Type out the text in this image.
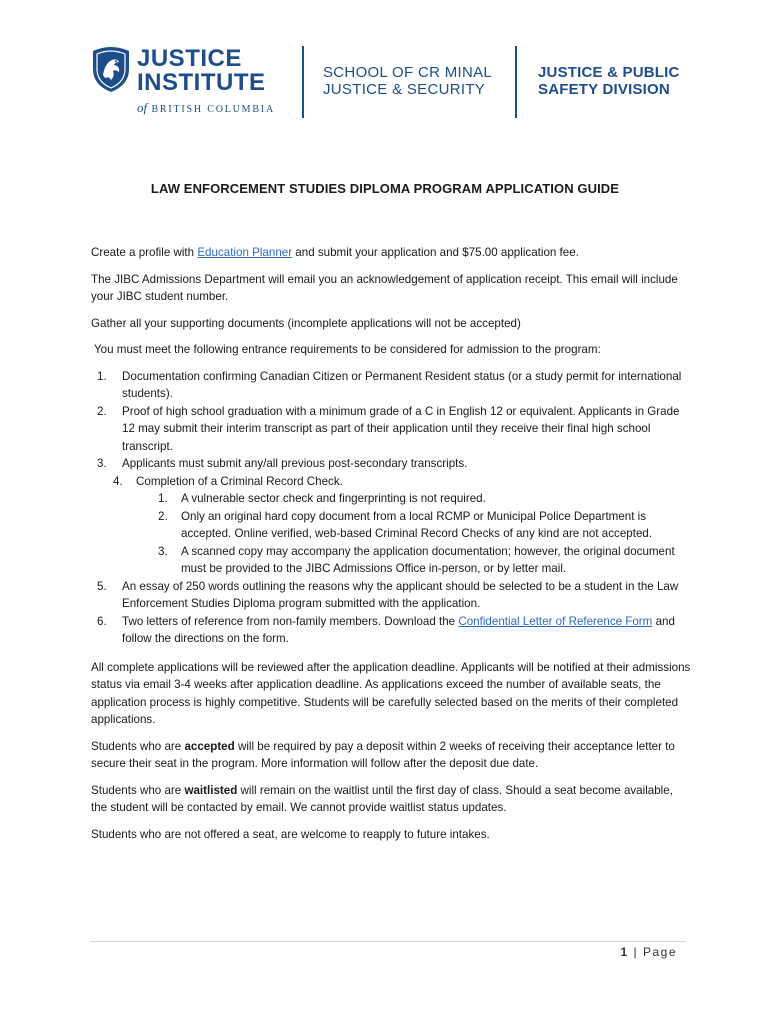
JUSTICE
INSTITUTE
of BRITISH COLUMBIA
SCHOOL OF CR MINAL
JUSTICE & SECURITY
JUSTICE & PUBLIC
SAFETY DIVISION
LAW ENFORCEMENT STUDIES DIPLOMA PROGRAM APPLICATION GUIDE

Create a profile with Education Planner and submit your application and $75.00 application fee.

The JIBC Admissions Department will email you an acknowledgement of application receipt. This email will include your JIBC student number.

Gather all your supporting documents (incomplete applications will not be accepted)

You must meet the following entrance requirements to be considered for admission to the program:

1.	Documentation confirming Canadian Citizen or Permanent Resident status (or a study permit for international students).
2.	Proof of high school graduation with a minimum grade of a C in English 12 or equivalent. Applicants in Grade 12 may submit their interim transcript as part of their application until they receive their final high school transcript.
3.	Applicants must submit any/all previous post-secondary transcripts.
4.	Completion of a Criminal Record Check.
1.	A vulnerable sector check and fingerprinting is not required.
2.	Only an original hard copy document from a local RCMP or Municipal Police Department is accepted. Online verified, web-based Criminal Record Checks of any kind are not accepted.
3.	A scanned copy may accompany the application documentation; however, the original document must be provided to the JIBC Admissions Office in-person, or by letter mail.
5.	An essay of 250 words outlining the reasons why the applicant should be selected to be a student in the Law Enforcement Studies Diploma program submitted with the application.
6.	Two letters of reference from non-family members. Download the Confidential Letter of Reference Form and follow the directions on the form.

All complete applications will be reviewed after the application deadline. Applicants will be notified at their admissions status via email 3-4 weeks after application deadline. As applications exceed the number of available seats, the application process is highly competitive. Students will be carefully selected based on the merits of their completed applications.

Students who are accepted will be required by pay a deposit within 2 weeks of receiving their acceptance letter to secure their seat in the program. More information will follow after the deposit due date.

Students who are waitlisted will remain on the waitlist until the first day of class. Should a seat become available, the student will be contacted by email. We cannot provide waitlist status updates.

Students who are not offered a seat, are welcome to reapply to future intakes.

1 | Page
